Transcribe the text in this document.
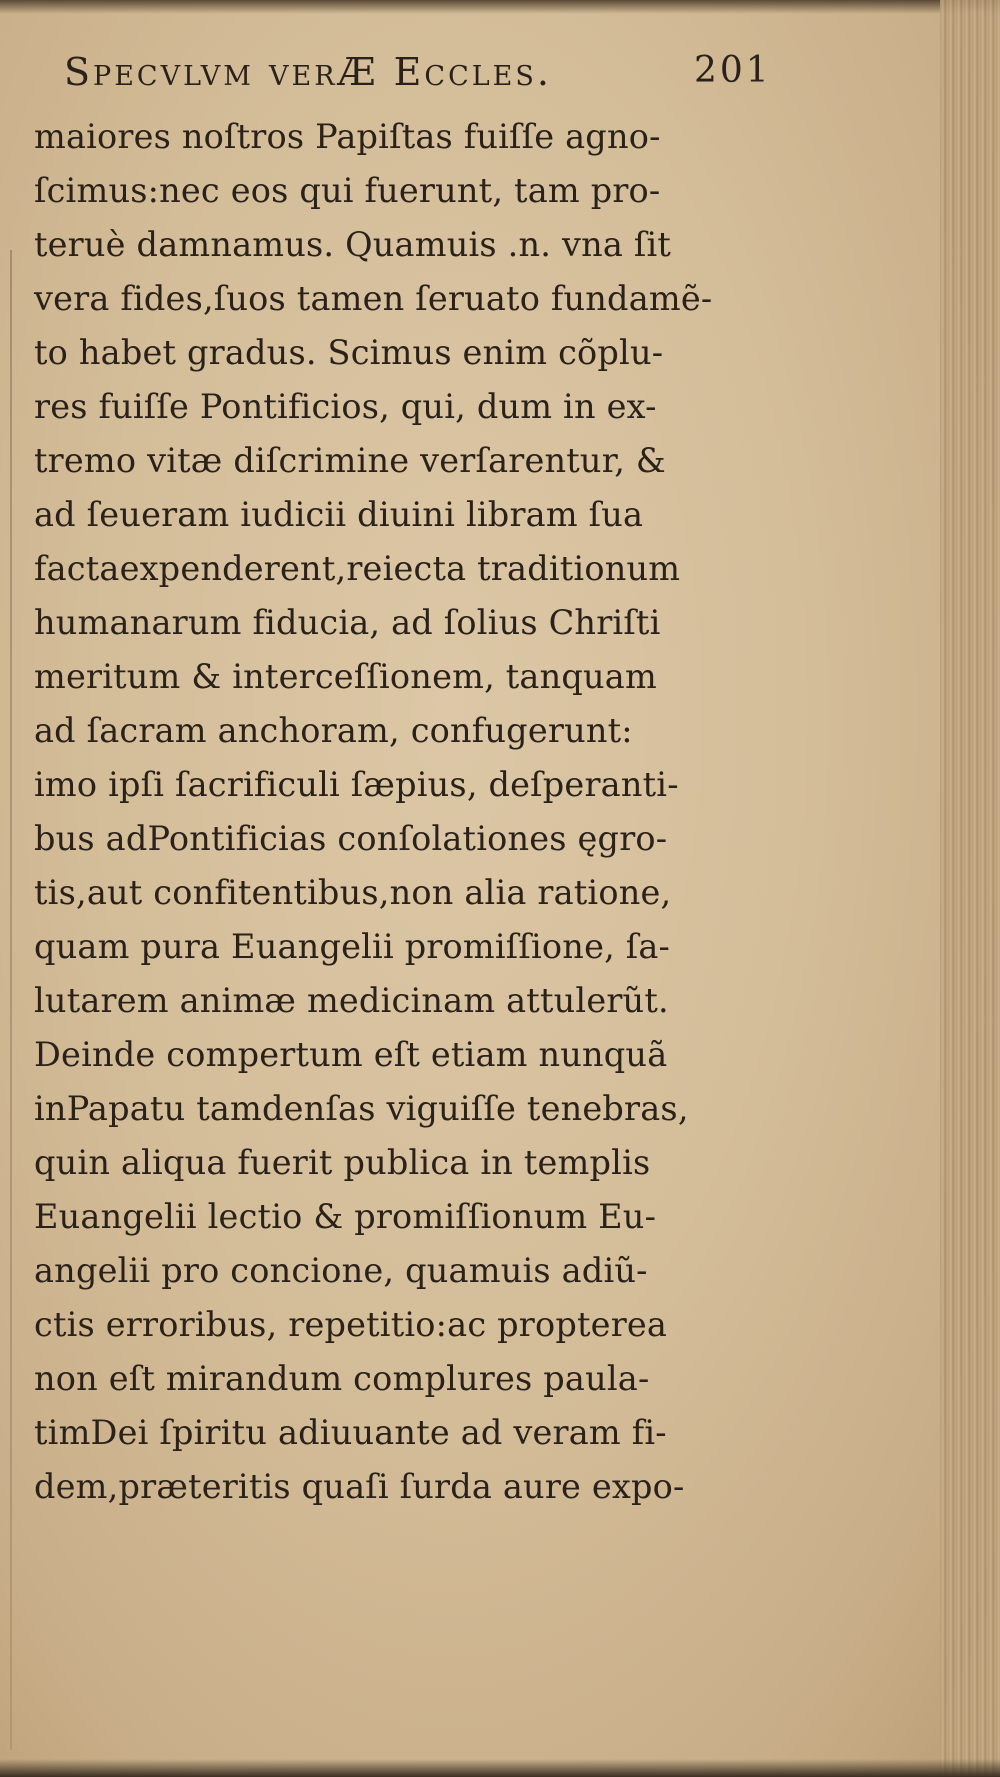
Specvlvm verÆ Eccles.	201
maiores noſtros Papiſtas fuiſſe agno-
ſcimus:nec eos qui fuerunt, tam pro-
teruè damnamus. Quamuis .n. vna ſit
vera fides,ſuos tamen ſeruato fundamẽ-
to habet gradus. Scimus enim cõplu-
res fuiſſe Pontificios, qui, dum in ex-
tremo vitæ diſcrimine verſarentur, &
ad ſeueram iudicii diuini libram ſua
factaexpenderent,reiecta traditionum
humanarum fiducia, ad ſolius Chriſti
meritum & interceſſionem, tanquam
ad ſacram anchoram, confugerunt:
imo ipſi ſacrificuli ſæpius, deſperanti-
bus adPontificias conſolationes ęgro-
tis,aut confitentibus,non alia ratione,
quam pura Euangelii promiſſione, ſa-
lutarem animæ medicinam attulerũt.
Deinde compertum eſt etiam nunquã
inPapatu tamdenſas viguiſſe tenebras,
quin aliqua fuerit publica in templis
Euangelii lectio & promiſſionum Eu-
angelii pro concione, quamuis adiũ-
ctis erroribus, repetitio:ac propterea
non eſt mirandum complures paula-
timDei ſpiritu adiuuante ad veram fi-
dem,præteritis quaſi ſurda aure expo-
